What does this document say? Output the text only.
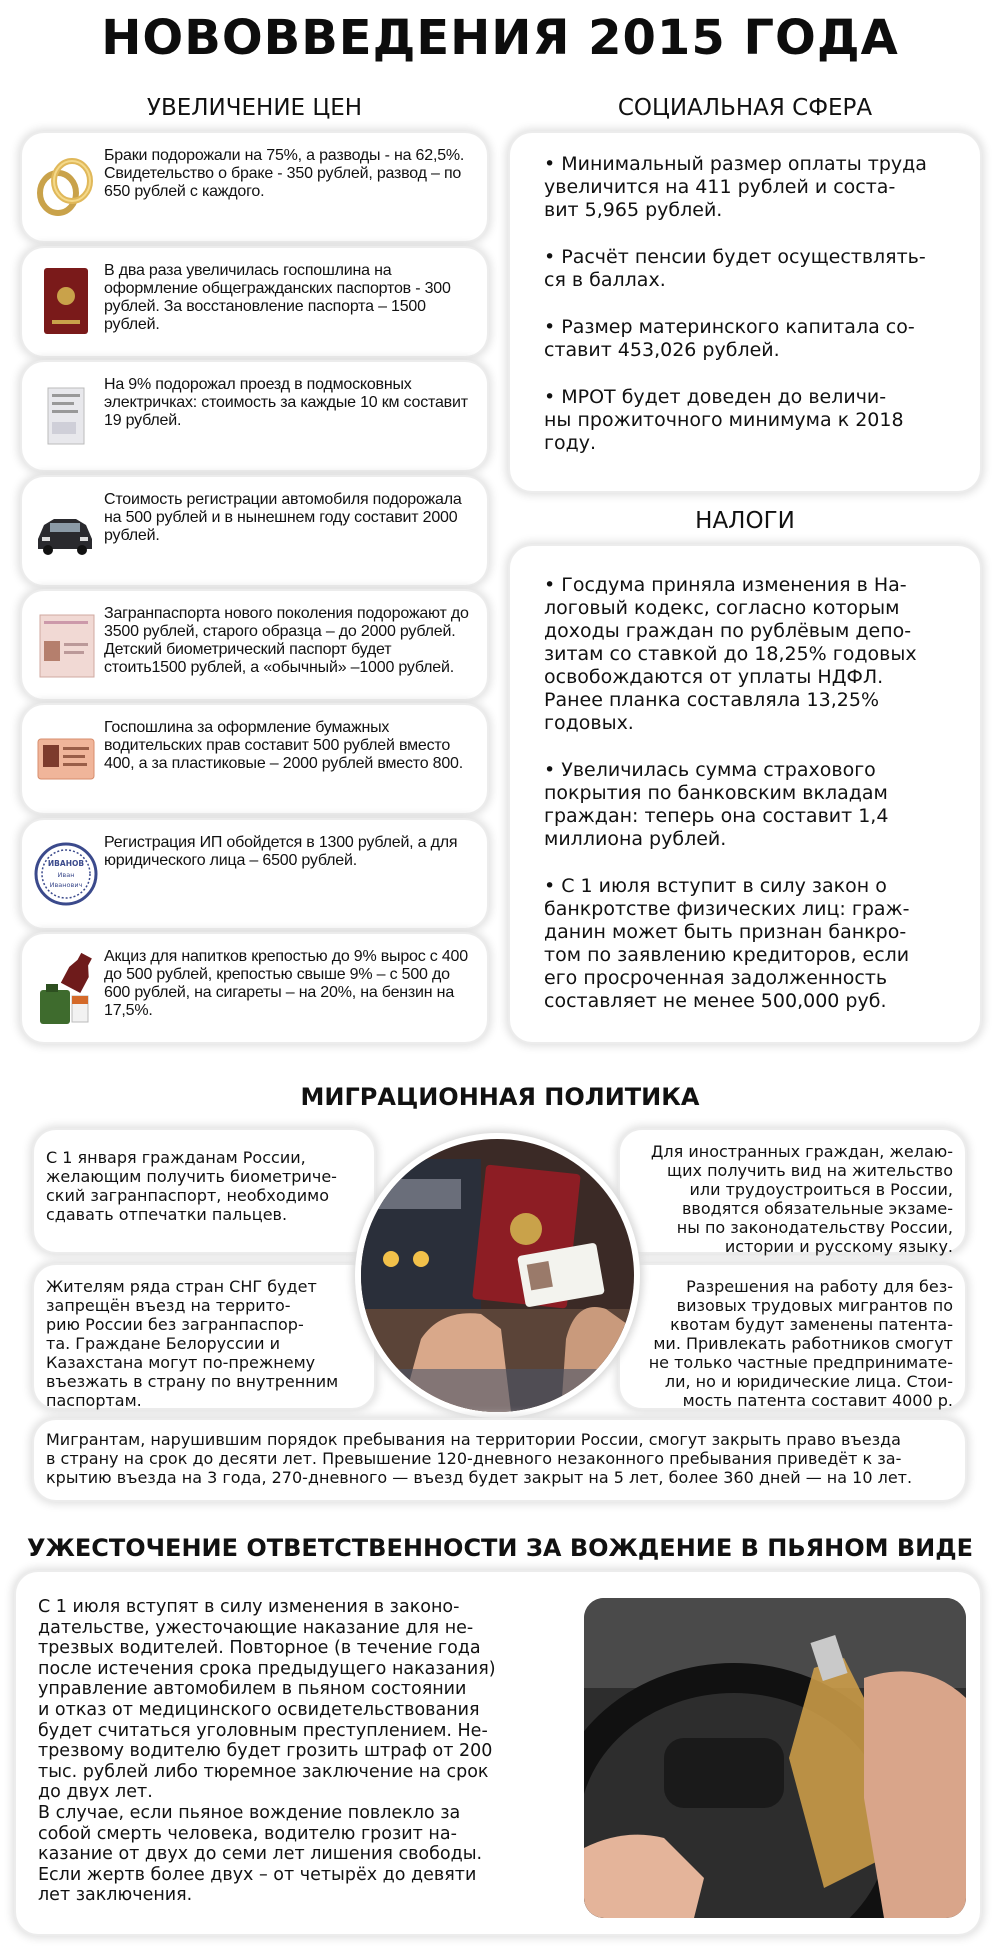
НОВОВВЕДЕНИЯ 2015 ГОДА
УВЕЛИЧЕНИЕ ЦЕН	СОЦИАЛЬНАЯ СФЕРА
НАЛОГИ
Браки подорожали на 75%, а разводы - на 62,5%. Свидетельство о браке - 350 рублей, развод – по 650 рублей с каждого.
В два раза увеличилась госпошлина на оформление общегражданских паспортов - 300 рублей. За восстановление паспорта – 1500 рублей.
На 9% подорожал проезд в подмосковных электричках: стоимость за каждые 10 км составит 19 рублей.
Стоимость регистрации автомобиля подорожала на 500 рублей и в нынешнем году составит 2000 рублей.
Загранпаспорта нового поколения подорожают до 3500 рублей, старого образца – до 2000 рублей. Детский биометрический паспорт будет стоить1500 рублей, а «обычный» –1000 рублей.
Госпошлина за оформление бумажных водительских прав составит 500 рублей вместо 400, а за пластиковые – 2000 рублей вместо 800.
ИВАНОВ
Иван
Иванович
Регистрация ИП обойдется в 1300 рублей, а для юридического лица – 6500 рублей.
Акциз для напитков крепостью до 9% вырос с 400 до 500 рублей, крепостью свыше 9% – с 500 до 600 рублей, на сигареты – на 20%, на бензин на 17,5%.
• Минимальный размер оплаты труда
увеличится на 411 рублей и соста-
вит 5,965 рублей.
• Расчёт пенсии будет осуществлять-
ся в баллах.
• Размер материнского капитала со-
ставит 453,026 рублей.
• МРОТ будет доведен до величи-
ны прожиточного минимума к 2018
году.
• Госдума приняла изменения в На-
логовый кодекс, согласно которым
доходы граждан по рублёвым депо-
зитам со ставкой до 18,25% годовых
освобождаются от уплаты НДФЛ.
Ранее планка составляла 13,25%
годовых.
• Увеличилась сумма страхового
покрытия по банковским вкладам
граждан: теперь она составит 1,4
миллиона рублей.
• С 1 июля вступит в силу закон о
банкротстве физических лиц: граж-
данин может быть признан банкро-
том по заявлению кредиторов, если
его просроченная задолженность
составляет не менее 500,000 руб.
МИГРАЦИОННАЯ ПОЛИТИКА
С 1 января гражданам России,
желающим получить биометриче-
ский загранпаспорт, необходимо
сдавать отпечатки пальцев.
Жителям ряда стран СНГ будет
запрещён въезд на террито-
рию России без загранпаспор-
та. Граждане Белоруссии и
Казахстана могут по-прежнему
въезжать в страну по внутренним
паспортам.
Для иностранных граждан, желаю-
щих получить вид на жительство
или трудоустроиться в России,
вводятся обязательные экзаме-
ны по законодательству России,
истории и русскому языку.
Разрешения на работу для без-
визовых трудовых мигрантов по
квотам будут заменены патента-
ми. Привлекать работников смогут
не только частные предпринимате-
ли, но и юридические лица. Стои-
мость патента составит 4000 р.
Мигрантам, нарушившим порядок пребывания на территории России, смогут закрыть право въезда
в страну на срок до десяти лет. Превышение 120-дневного незаконного пребывания приведёт к за-
крытию въезда на 3 года, 270-дневного — въезд будет закрыт на 5 лет, более 360 дней — на 10 лет.
УЖЕСТОЧЕНИЕ ОТВЕТСТВЕННОСТИ ЗА ВОЖДЕНИЕ В ПЬЯНОМ ВИДЕ
С 1 июля вступят в силу изменения в законо-
дательстве, ужесточающие наказание для не-
трезвых водителей. Повторное (в течение года
после истечения срока предыдущего наказания)
управление автомобилем в пьяном состоянии
и отказ от медицинского освидетельствования
будет считаться уголовным преступлением. Не-
трезвому водителю будет грозить штраф от 200
тыс. рублей либо тюремное заключение на срок
до двух лет.
В случае, если пьяное вождение повлекло за
собой смерть человека, водителю грозит на-
казание от двух до семи лет лишения свободы.
Если жертв более двух – от четырёх до девяти
лет заключения.
